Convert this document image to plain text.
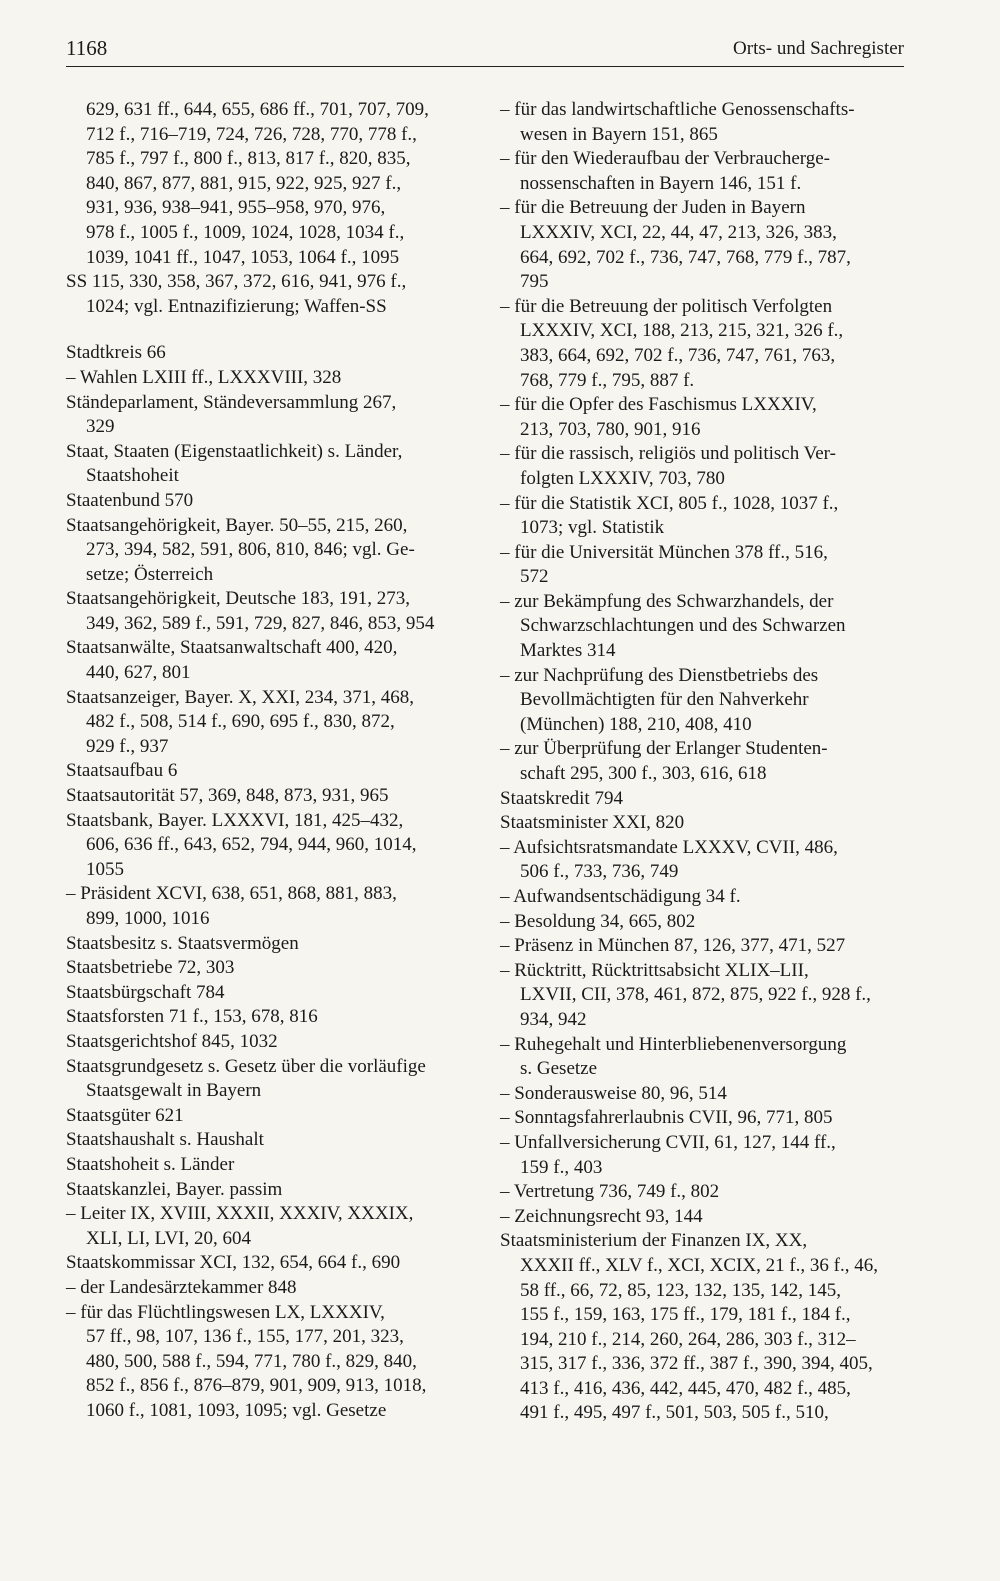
1168	Orts- und Sachregister
629, 631 ff., 644, 655, 686 ff., 701, 707, 709,
712 f., 716–719, 724, 726, 728, 770, 778 f.,
785 f., 797 f., 800 f., 813, 817 f., 820, 835,
840, 867, 877, 881, 915, 922, 925, 927 f.,
931, 936, 938–941, 955–958, 970, 976,
978 f., 1005 f., 1009, 1024, 1028, 1034 f.,
1039, 1041 ff., 1047, 1053, 1064 f., 1095
SS 115, 330, 358, 367, 372, 616, 941, 976 f.,
1024; vgl. Entnazifizierung; Waffen-SS
Stadtkreis 66
– Wahlen LXIII ff., LXXXVIII, 328
Ständeparlament, Ständeversammlung 267,
329
Staat, Staaten (Eigenstaatlichkeit) s. Länder,
Staatshoheit
Staatenbund 570
Staatsangehörigkeit, Bayer. 50–55, 215, 260,
273, 394, 582, 591, 806, 810, 846; vgl. Ge-
setze; Österreich
Staatsangehörigkeit, Deutsche 183, 191, 273,
349, 362, 589 f., 591, 729, 827, 846, 853, 954
Staatsanwälte, Staatsanwaltschaft 400, 420,
440, 627, 801
Staatsanzeiger, Bayer. X, XXI, 234, 371, 468,
482 f., 508, 514 f., 690, 695 f., 830, 872,
929 f., 937
Staatsaufbau 6
Staatsautorität 57, 369, 848, 873, 931, 965
Staatsbank, Bayer. LXXXVI, 181, 425–432,
606, 636 ff., 643, 652, 794, 944, 960, 1014,
1055
– Präsident XCVI, 638, 651, 868, 881, 883,
899, 1000, 1016
Staatsbesitz s. Staatsvermögen
Staatsbetriebe 72, 303
Staatsbürgschaft 784
Staatsforsten 71 f., 153, 678, 816
Staatsgerichtshof 845, 1032
Staatsgrundgesetz s. Gesetz über die vorläufige
Staatsgewalt in Bayern
Staatsgüter 621
Staatshaushalt s. Haushalt
Staatshoheit s. Länder
Staatskanzlei, Bayer. passim
– Leiter IX, XVIII, XXXII, XXXIV, XXXIX,
XLI, LI, LVI, 20, 604
Staatskommissar XCI, 132, 654, 664 f., 690
– der Landesärztekammer 848
– für das Flüchtlingswesen LX, LXXXIV,
57 ff., 98, 107, 136 f., 155, 177, 201, 323,
480, 500, 588 f., 594, 771, 780 f., 829, 840,
852 f., 856 f., 876–879, 901, 909, 913, 1018,
1060 f., 1081, 1093, 1095; vgl. Gesetze
– für das landwirtschaftliche Genossenschafts-
wesen in Bayern 151, 865
– für den Wiederaufbau der Verbraucherge-
nossenschaften in Bayern 146, 151 f.
– für die Betreuung der Juden in Bayern
LXXXIV, XCI, 22, 44, 47, 213, 326, 383,
664, 692, 702 f., 736, 747, 768, 779 f., 787,
795
– für die Betreuung der politisch Verfolgten
LXXXIV, XCI, 188, 213, 215, 321, 326 f.,
383, 664, 692, 702 f., 736, 747, 761, 763,
768, 779 f., 795, 887 f.
– für die Opfer des Faschismus LXXXIV,
213, 703, 780, 901, 916
– für die rassisch, religiös und politisch Ver-
folgten LXXXIV, 703, 780
– für die Statistik XCI, 805 f., 1028, 1037 f.,
1073; vgl. Statistik
– für die Universität München 378 ff., 516,
572
– zur Bekämpfung des Schwarzhandels, der
Schwarzschlachtungen und des Schwarzen
Marktes 314
– zur Nachprüfung des Dienstbetriebs des
Bevollmächtigten für den Nahverkehr
(München) 188, 210, 408, 410
– zur Überprüfung der Erlanger Studenten-
schaft 295, 300 f., 303, 616, 618
Staatskredit 794
Staatsminister XXI, 820
– Aufsichtsratsmandate LXXXV, CVII, 486,
506 f., 733, 736, 749
– Aufwandsentschädigung 34 f.
– Besoldung 34, 665, 802
– Präsenz in München 87, 126, 377, 471, 527
– Rücktritt, Rücktrittsabsicht XLIX–LII,
LXVII, CII, 378, 461, 872, 875, 922 f., 928 f.,
934, 942
– Ruhegehalt und Hinterbliebenenversorgung
s. Gesetze
– Sonderausweise 80, 96, 514
– Sonntagsfahrerlaubnis CVII, 96, 771, 805
– Unfallversicherung CVII, 61, 127, 144 ff.,
159 f., 403
– Vertretung 736, 749 f., 802
– Zeichnungsrecht 93, 144
Staatsministerium der Finanzen IX, XX,
XXXII ff., XLV f., XCI, XCIX, 21 f., 36 f., 46,
58 ff., 66, 72, 85, 123, 132, 135, 142, 145,
155 f., 159, 163, 175 ff., 179, 181 f., 184 f.,
194, 210 f., 214, 260, 264, 286, 303 f., 312–
315, 317 f., 336, 372 ff., 387 f., 390, 394, 405,
413 f., 416, 436, 442, 445, 470, 482 f., 485,
491 f., 495, 497 f., 501, 503, 505 f., 510,
